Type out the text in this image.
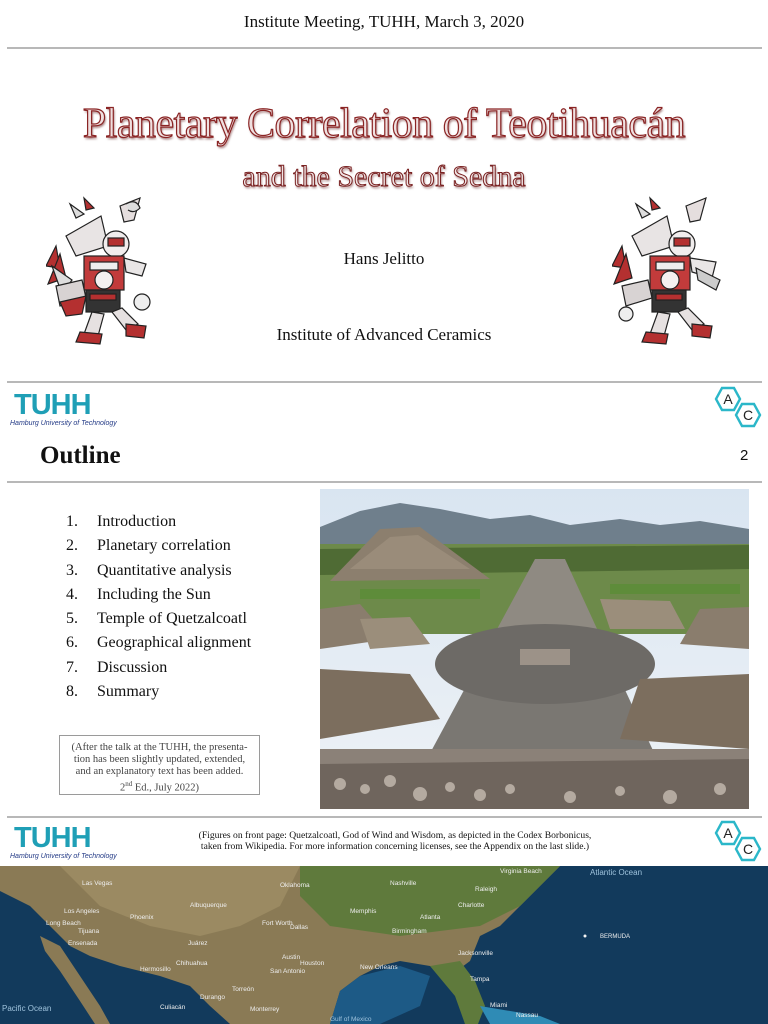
Institute Meeting, TUHH, March 3, 2020
Planetary Correlation of Teotihuacán
and the Secret of Sedna
Hans Jelitto
Institute of Advanced Ceramics
TUHH
Hamburg University of Technology
A
C
Outline	2
1. Introduction
2. Planetary correlation
3. Quantitative analysis
4. Including the Sun
5. Temple of Quetzalcoatl
6. Geographical alignment
7. Discussion
8. Summary
(After the talk at the TUHH, the presenta-
tion has been slightly updated, extended,
and an explanatory text has been added.
2nd Ed., July 2022)
TUHH
Hamburg University of Technology
(Figures on front page: Quetzalcoatl, God of Wind and Wisdom, as depicted in the Codex Borbonicus,
taken from Wikipedia. For more information concerning licenses, see the Appendix on the last slide.)
A
C
Nashville
Virginia Beach
Raleigh
Atlantic Ocean
Oklahoma
Las Vegas
Los Angeles
Long Beach
Tijuana
Phoenix
Albuquerque
Dallas
Fort Worth
Atlanta
Charlotte
Memphis
Birmingham
Jacksonville
New Orleans
Houston
San Antonio
Austin
Juárez
Chihuahua
Hermosillo
Ensenada
Monterrey
Culiacán
Tampa
Miami
Nassau
BERMUDA
Gulf of Mexico
Pacific Ocean
Torreón
Durango
